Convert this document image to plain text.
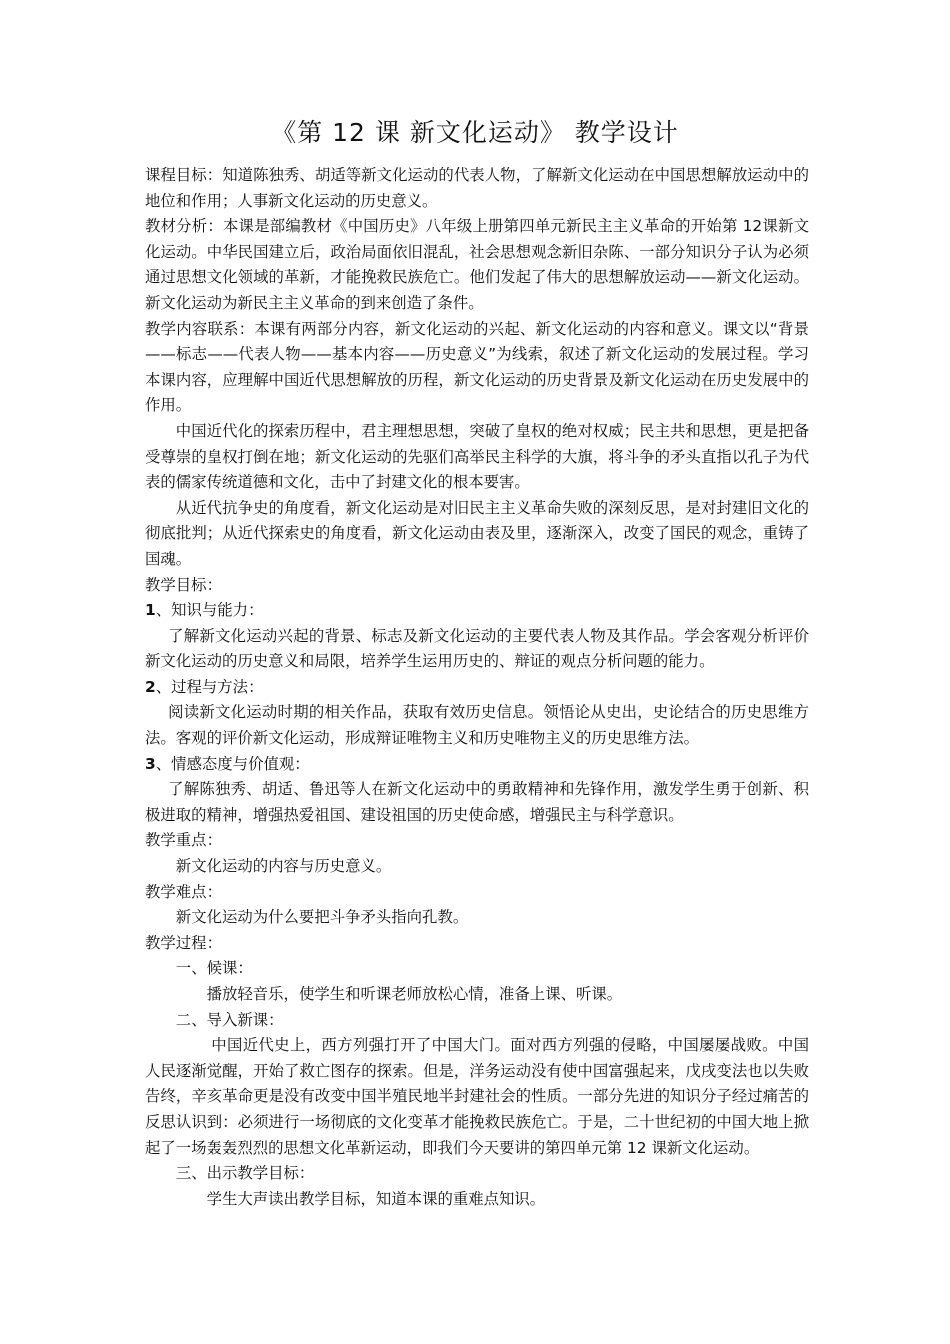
《第 12 课 新文化运动》 教学设计

课程目标：知道陈独秀、胡适等新文化运动的代表人物，了解新文化运动在中国思想解放运动中的地位和作用；人事新文化运动的历史意义。

教材分析：本课是部编教材《中国历史》八年级上册第四单元新民主主义革命的开始第 12课新文化运动。中华民国建立后，政治局面依旧混乱，社会思想观念新旧杂陈、一部分知识分子认为必须通过思想文化领域的革新，才能挽救民族危亡。他们发起了伟大的思想解放运动——新文化运动。新文化运动为新民主主义革命的到来创造了条件。

教学内容联系：本课有两部分内容，新文化运动的兴起、新文化运动的内容和意义。课文以“背景——标志——代表人物——基本内容——历史意义”为线索，叙述了新文化运动的发展过程。学习本课内容，应理解中国近代思想解放的历程，新文化运动的历史背景及新文化运动在历史发展中的作用。

中国近代化的探索历程中，君主理想思想，突破了皇权的绝对权威；民主共和思想，更是把备受尊崇的皇权打倒在地；新文化运动的先驱们高举民主科学的大旗，将斗争的矛头直指以孔子为代表的儒家传统道德和文化，击中了封建文化的根本要害。

从近代抗争史的角度看，新文化运动是对旧民主主义革命失败的深刻反思，是对封建旧文化的彻底批判；从近代探索史的角度看，新文化运动由表及里，逐渐深入，改变了国民的观念，重铸了国魂。

教学目标：

1、知识与能力：

了解新文化运动兴起的背景、标志及新文化运动的主要代表人物及其作品。学会客观分析评价新文化运动的历史意义和局限，培养学生运用历史的、辩证的观点分析问题的能力。

2、过程与方法：

阅读新文化运动时期的相关作品，获取有效历史信息。领悟论从史出，史论结合的历史思维方法。客观的评价新文化运动，形成辩证唯物主义和历史唯物主义的历史思维方法。

3、情感态度与价值观：

了解陈独秀、胡适、鲁迅等人在新文化运动中的勇敢精神和先锋作用，激发学生勇于创新、积极进取的精神，增强热爱祖国、建设祖国的历史使命感，增强民主与科学意识。

教学重点：

新文化运动的内容与历史意义。

教学难点：

新文化运动为什么要把斗争矛头指向孔教。

教学过程：

一、候课：

播放轻音乐，使学生和听课老师放松心情，准备上课、听课。

二、导入新课：

中国近代史上，西方列强打开了中国大门。面对西方列强的侵略，中国屡屡战败。中国人民逐渐觉醒，开始了救亡图存的探索。但是，洋务运动没有使中国富强起来，戊戌变法也以失败告终，辛亥革命更是没有改变中国半殖民地半封建社会的性质。一部分先进的知识分子经过痛苦的反思认识到：必须进行一场彻底的文化变革才能挽救民族危亡。于是，二十世纪初的中国大地上掀起了一场轰轰烈烈的思想文化革新运动，即我们今天要讲的第四单元第 12 课新文化运动。

三、出示教学目标：

学生大声读出教学目标，知道本课的重难点知识。
